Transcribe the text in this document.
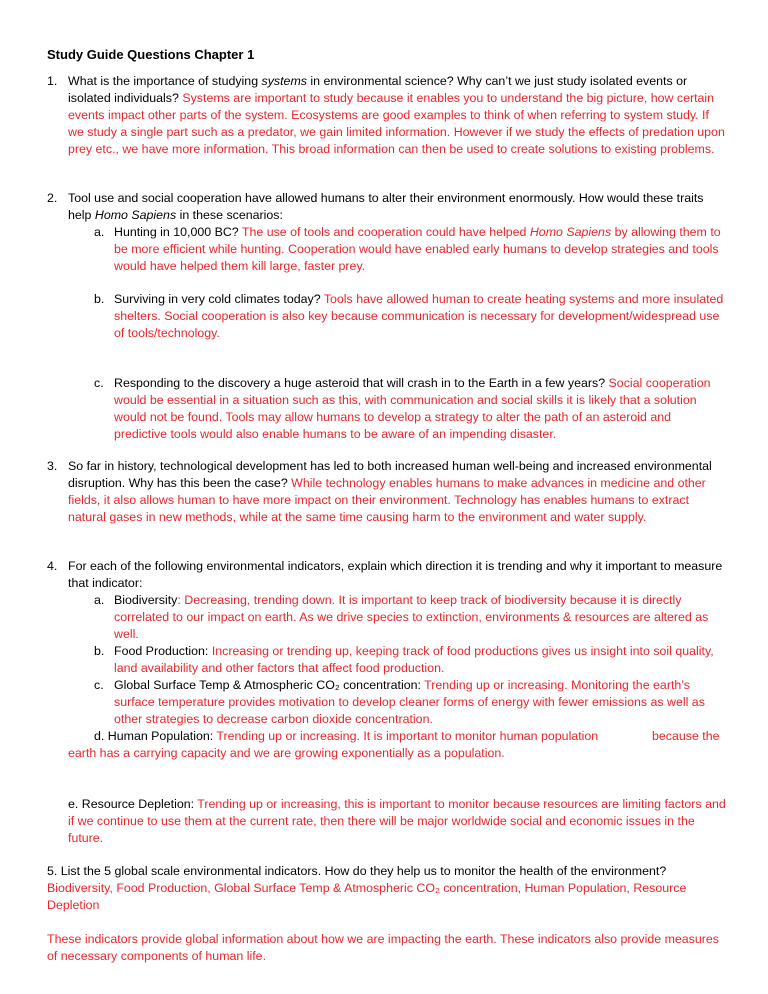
Study Guide Questions Chapter 1
1. What is the importance of studying systems in environmental science? Why can’t we just study isolated events or isolated individuals? Systems are important to study because it enables you to understand the big picture, how certain events impact other parts of the system. Ecosystems are good examples to think of when referring to system study. If we study a single part such as a predator, we gain limited information. However if we study the effects of predation upon prey etc., we have more information. This broad information can then be used to create solutions to existing problems.
2. Tool use and social cooperation have allowed humans to alter their environment enormously. How would these traits help Homo Sapiens in these scenarios:
a. Hunting in 10,000 BC? The use of tools and cooperation could have helped Homo Sapiens by allowing them to be more efficient while hunting. Cooperation would have enabled early humans to develop strategies and tools would have helped them kill large, faster prey.
b. Surviving in very cold climates today? Tools have allowed human to create heating systems and more insulated shelters. Social cooperation is also key because communication is necessary for development/widespread use of tools/technology.
c. Responding to the discovery a huge asteroid that will crash in to the Earth in a few years? Social cooperation would be essential in a situation such as this, with communication and social skills it is likely that a solution would not be found. Tools may allow humans to develop a strategy to alter the path of an asteroid and predictive tools would also enable humans to be aware of an impending disaster.
3. So far in history, technological development has led to both increased human well-being and increased environmental disruption. Why has this been the case? While technology enables humans to make advances in medicine and other fields, it also allows human to have more impact on their environment. Technology has enables humans to extract natural gases in new methods, while at the same time causing harm to the environment and water supply.
4. For each of the following environmental indicators, explain which direction it is trending and why it important to measure that indicator:
a. Biodiversity: Decreasing, trending down. It is important to keep track of biodiversity because it is directly correlated to our impact on earth. As we drive species to extinction, environments & resources are altered as well.
b. Food Production: Increasing or trending up, keeping track of food productions gives us insight into soil quality, land availability and other factors that affect food production.
c. Global Surface Temp & Atmospheric CO₂ concentration: Trending up or increasing. Monitoring the earth’s surface temperature provides motivation to develop cleaner forms of energy with fewer emissions as well as other strategies to decrease carbon dioxide concentration.
d. Human Population: Trending up or increasing. It is important to monitor human population	because the
earth has a carrying capacity and we are growing exponentially as a population.
e. Resource Depletion: Trending up or increasing, this is important to monitor because resources are limiting factors and if we continue to use them at the current rate, then there will be major worldwide social and economic issues in the future.
5. List the 5 global scale environmental indicators. How do they help us to monitor the health of the environment?
Biodiversity, Food Production, Global Surface Temp & Atmospheric CO₂ concentration, Human Population, Resource Depletion
These indicators provide global information about how we are impacting the earth. These indicators also provide measures of necessary components of human life.
